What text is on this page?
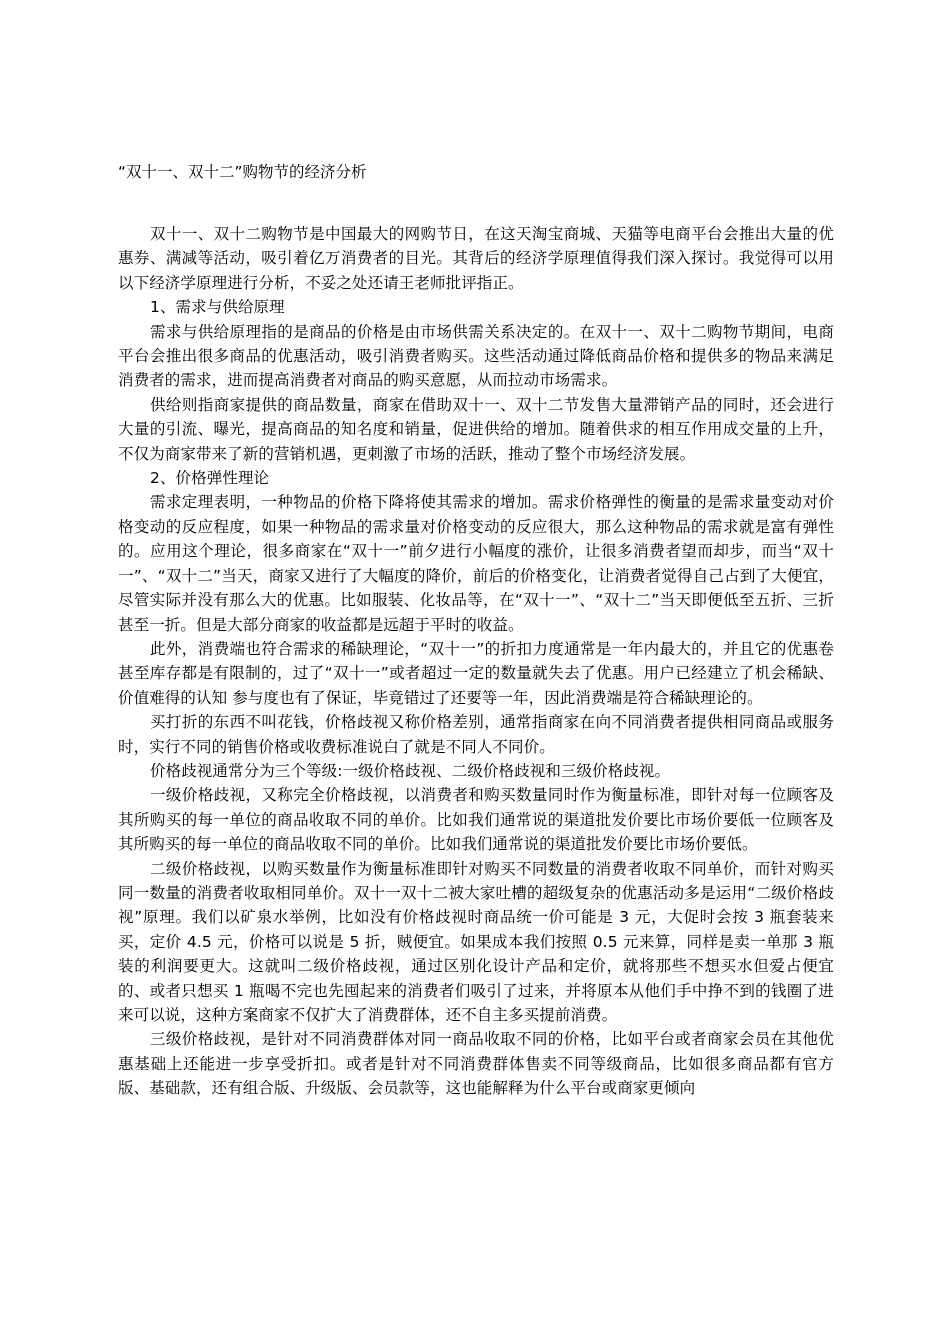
“双十一、双十二”购物节的经济分析

双十一、双十二购物节是中国最大的网购节日，在这天淘宝商城、天猫等电商平台会推出大量的优惠券、满减等活动，吸引着亿万消费者的目光。其背后的经济学原理值得我们深入探讨。我觉得可以用以下经济学原理进行分析，不妥之处还请王老师批评指正。

1、需求与供给原理

需求与供给原理指的是商品的价格是由市场供需关系决定的。在双十一、双十二购物节期间，电商平台会推出很多商品的优惠活动，吸引消费者购买。这些活动通过降低商品价格和提供多的物品来满足消费者的需求，进而提高消费者对商品的购买意愿，从而拉动市场需求。

供给则指商家提供的商品数量，商家在借助双十一、双十二节发售大量滞销产品的同时，还会进行大量的引流、曝光，提高商品的知名度和销量，促进供给的增加。随着供求的相互作用成交量的上升，不仅为商家带来了新的营销机遇，更刺激了市场的活跃，推动了整个市场经济发展。

2、价格弹性理论

需求定理表明，一种物品的价格下降将使其需求的增加。需求价格弹性的衡量的是需求量变动对价格变动的反应程度，如果一种物品的需求量对价格变动的反应很大，那么这种物品的需求就是富有弹性的。应用这个理论，很多商家在“双十一”前夕进行小幅度的涨价，让很多消费者望而却步，而当“双十一”、“双十二”当天，商家又进行了大幅度的降价，前后的价格变化，让消费者觉得自己占到了大便宜，尽管实际并没有那么大的优惠。比如服装、化妆品等，在“双十一”、“双十二”当天即便低至五折、三折甚至一折。但是大部分商家的收益都是远超于平时的收益。

此外，消费端也符合需求的稀缺理论，“双十一”的折扣力度通常是一年内最大的，并且它的优惠卷甚至库存都是有限制的，过了“双十一”或者超过一定的数量就失去了优惠。用户已经建立了机会稀缺、价值难得的认知 参与度也有了保证，毕竟错过了还要等一年，因此消费端是符合稀缺理论的。

买打折的东西不叫花钱，价格歧视又称价格差别，通常指商家在向不同消费者提供相同商品或服务时，实行不同的销售价格或收费标准说白了就是不同人不同价。

价格歧视通常分为三个等级:一级价格歧视、二级价格歧视和三级价格歧视。

一级价格歧视，又称完全价格歧视，以消费者和购买数量同时作为衡量标准，即针对每一位顾客及其所购买的每一单位的商品收取不同的单价。比如我们通常说的渠道批发价要比市场价要低一位顾客及其所购买的每一单位的商品收取不同的单价。比如我们通常说的渠道批发价要比市场价要低。

二级价格歧视，以购买数量作为衡量标准即针对购买不同数量的消费者收取不同单价，而针对购买同一数量的消费者收取相同单价。双十一双十二被大家吐槽的超级复杂的优惠活动多是运用“二级价格歧视”原理。我们以矿泉水举例，比如没有价格歧视时商品统一价可能是 3 元，大促时会按 3 瓶套装来买，定价 4.5 元，价格可以说是 5 折，贼便宜。如果成本我们按照 0.5 元来算，同样是卖一单那 3 瓶装的利润要更大。这就叫二级价格歧视，通过区别化设计产品和定价，就将那些不想买水但爱占便宜的、或者只想买 1 瓶喝不完也先囤起来的消费者们吸引了过来，并将原本从他们手中挣不到的钱圈了进来可以说，这种方案商家不仅扩大了消费群体，还不自主多买提前消费。

三级价格歧视，是针对不同消费群体对同一商品收取不同的价格，比如平台或者商家会员在其他优惠基础上还能进一步享受折扣。或者是针对不同消费群体售卖不同等级商品，比如很多商品都有官方版、基础款，还有组合版、升级版、会员款等，这也能解释为什么平台或商家更倾向
